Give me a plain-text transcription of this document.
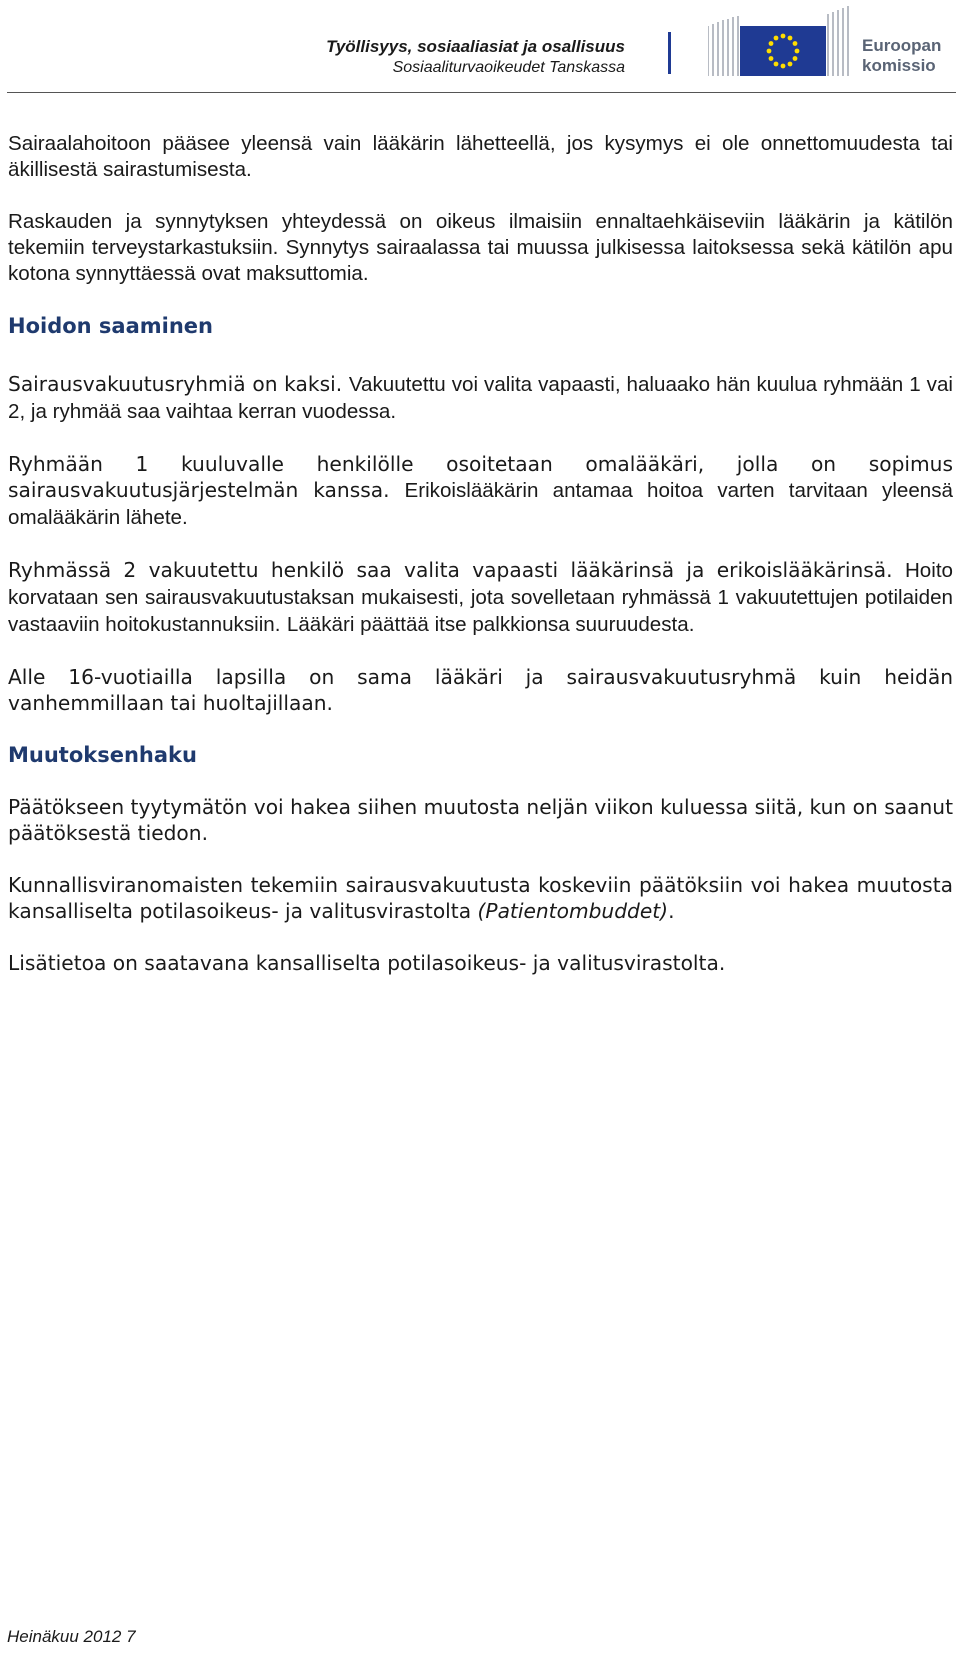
Työllisyys, sosiaaliasiat ja osallisuus
Sosiaaliturvaoikeudet Tanskassa
Euroopan
komissio

Sairaalahoitoon pääsee yleensä vain lääkärin lähetteellä, jos kysymys ei ole onnettomuudesta tai äkillisestä sairastumisesta.

Raskauden ja synnytyksen yhteydessä on oikeus ilmaisiin ennaltaehkäiseviin lääkärin ja kätilön tekemiin terveystarkastuksiin. Synnytys sairaalassa tai muussa julkisessa laitoksessa sekä kätilön apu kotona synnyttäessä ovat maksuttomia.

Hoidon saaminen

Sairausvakuutusryhmiä on kaksi. Vakuutettu voi valita vapaasti, haluaako hän kuulua ryhmään 1 vai 2, ja ryhmää saa vaihtaa kerran vuodessa.

Ryhmään 1 kuuluvalle henkilölle osoitetaan omalääkäri, jolla on sopimus sairausvakuutusjärjestelmän kanssa. Erikoislääkärin antamaa hoitoa varten tarvitaan yleensä omalääkärin lähete.

Ryhmässä 2 vakuutettu henkilö saa valita vapaasti lääkärinsä ja erikoislääkärinsä. Hoito korvataan sen sairausvakuutustaksan mukaisesti, jota sovelletaan ryhmässä 1 vakuutettujen potilaiden vastaaviin hoitokustannuksiin. Lääkäri päättää itse palkkionsa suuruudesta.

Alle 16-vuotiailla lapsilla on sama lääkäri ja sairausvakuutusryhmä kuin heidän vanhemmillaan tai huoltajillaan.

Muutoksenhaku

Päätökseen tyytymätön voi hakea siihen muutosta neljän viikon kuluessa siitä, kun on saanut päätöksestä tiedon.

Kunnallisviranomaisten tekemiin sairausvakuutusta koskeviin päätöksiin voi hakea muutosta kansalliselta potilasoikeus- ja valitusvirastolta (Patientombuddet).

Lisätietoa on saatavana kansalliselta potilasoikeus- ja valitusvirastolta.

Heinäkuu 2012 7
